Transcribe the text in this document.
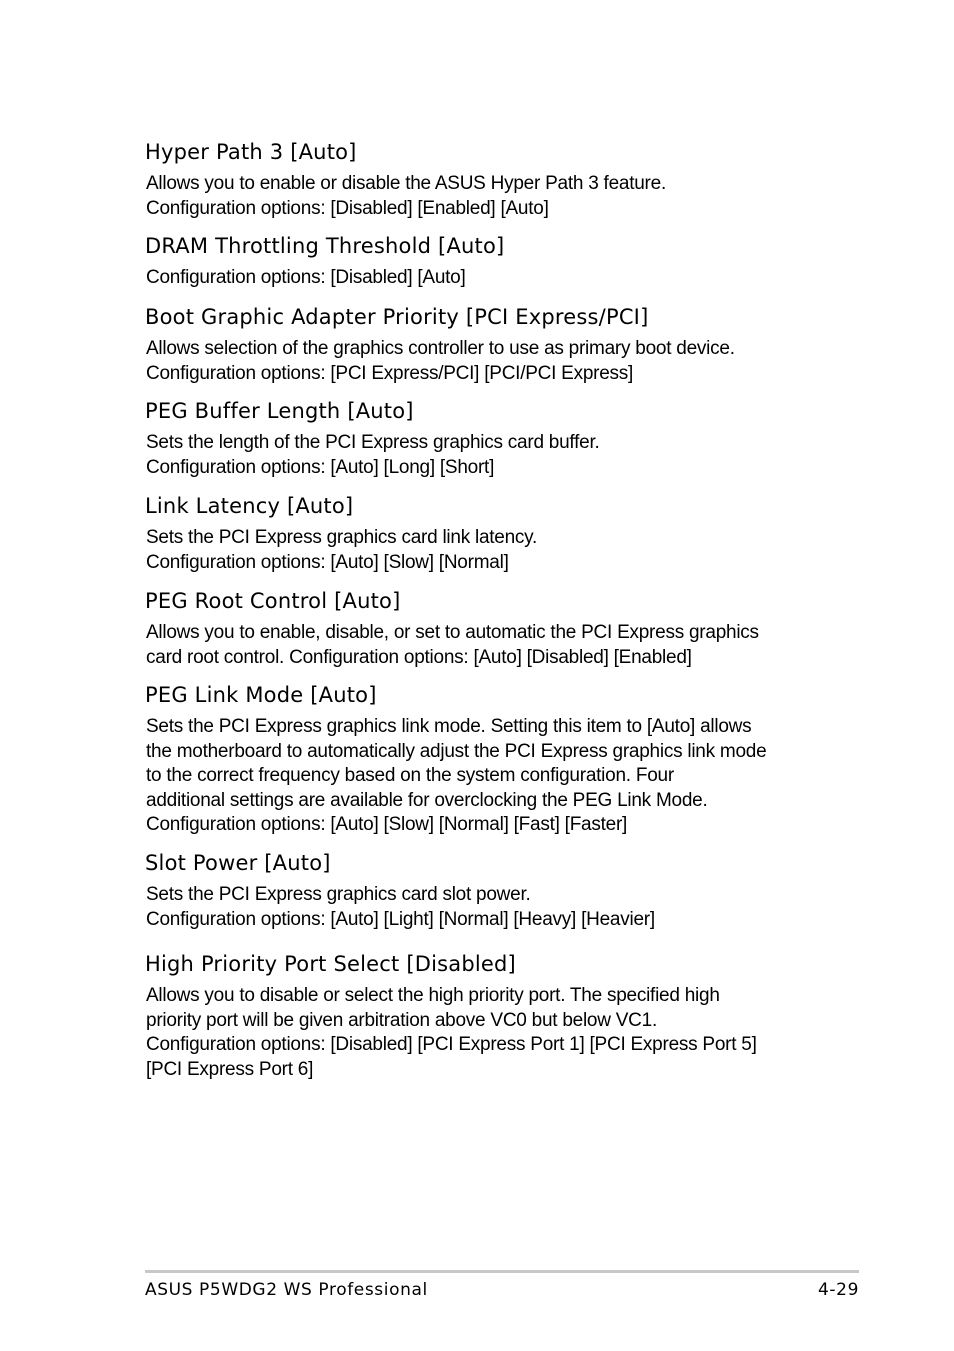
Hyper Path 3 [Auto]
Allows you to enable or disable the ASUS Hyper Path 3 feature.
Configuration options: [Disabled] [Enabled] [Auto]
DRAM Throttling Threshold [Auto]
Configuration options: [Disabled] [Auto]
Boot Graphic Adapter Priority [PCI Express/PCI]
Allows selection of the graphics controller to use as primary boot device.
Configuration options: [PCI Express/PCI] [PCI/PCI Express]
PEG Buffer Length [Auto]
Sets the length of the PCI Express graphics card buffer.
Configuration options: [Auto] [Long] [Short]
Link Latency [Auto]
Sets the PCI Express graphics card link latency.
Configuration options: [Auto] [Slow] [Normal]
PEG Root Control [Auto]
Allows you to enable, disable, or set to automatic the PCI Express graphics
card root control. Configuration options: [Auto] [Disabled] [Enabled]
PEG Link Mode [Auto]
Sets the PCI Express graphics link mode. Setting this item to [Auto] allows
the motherboard to automatically adjust the PCI Express graphics link mode
to the correct frequency based on the system configuration. Four
additional settings are available for overclocking the PEG Link Mode.
Configuration options: [Auto] [Slow] [Normal] [Fast] [Faster]
Slot Power [Auto]
Sets the PCI Express graphics card slot power.
Configuration options: [Auto] [Light] [Normal] [Heavy] [Heavier]
High Priority Port Select [Disabled]
Allows you to disable or select the high priority port. The specified high
priority port will be given arbitration above VC0 but below VC1.
Configuration options: [Disabled] [PCI Express Port 1] [PCI Express Port 5]
[PCI Express Port 6]
ASUS P5WDG2 WS Professional	4-29
